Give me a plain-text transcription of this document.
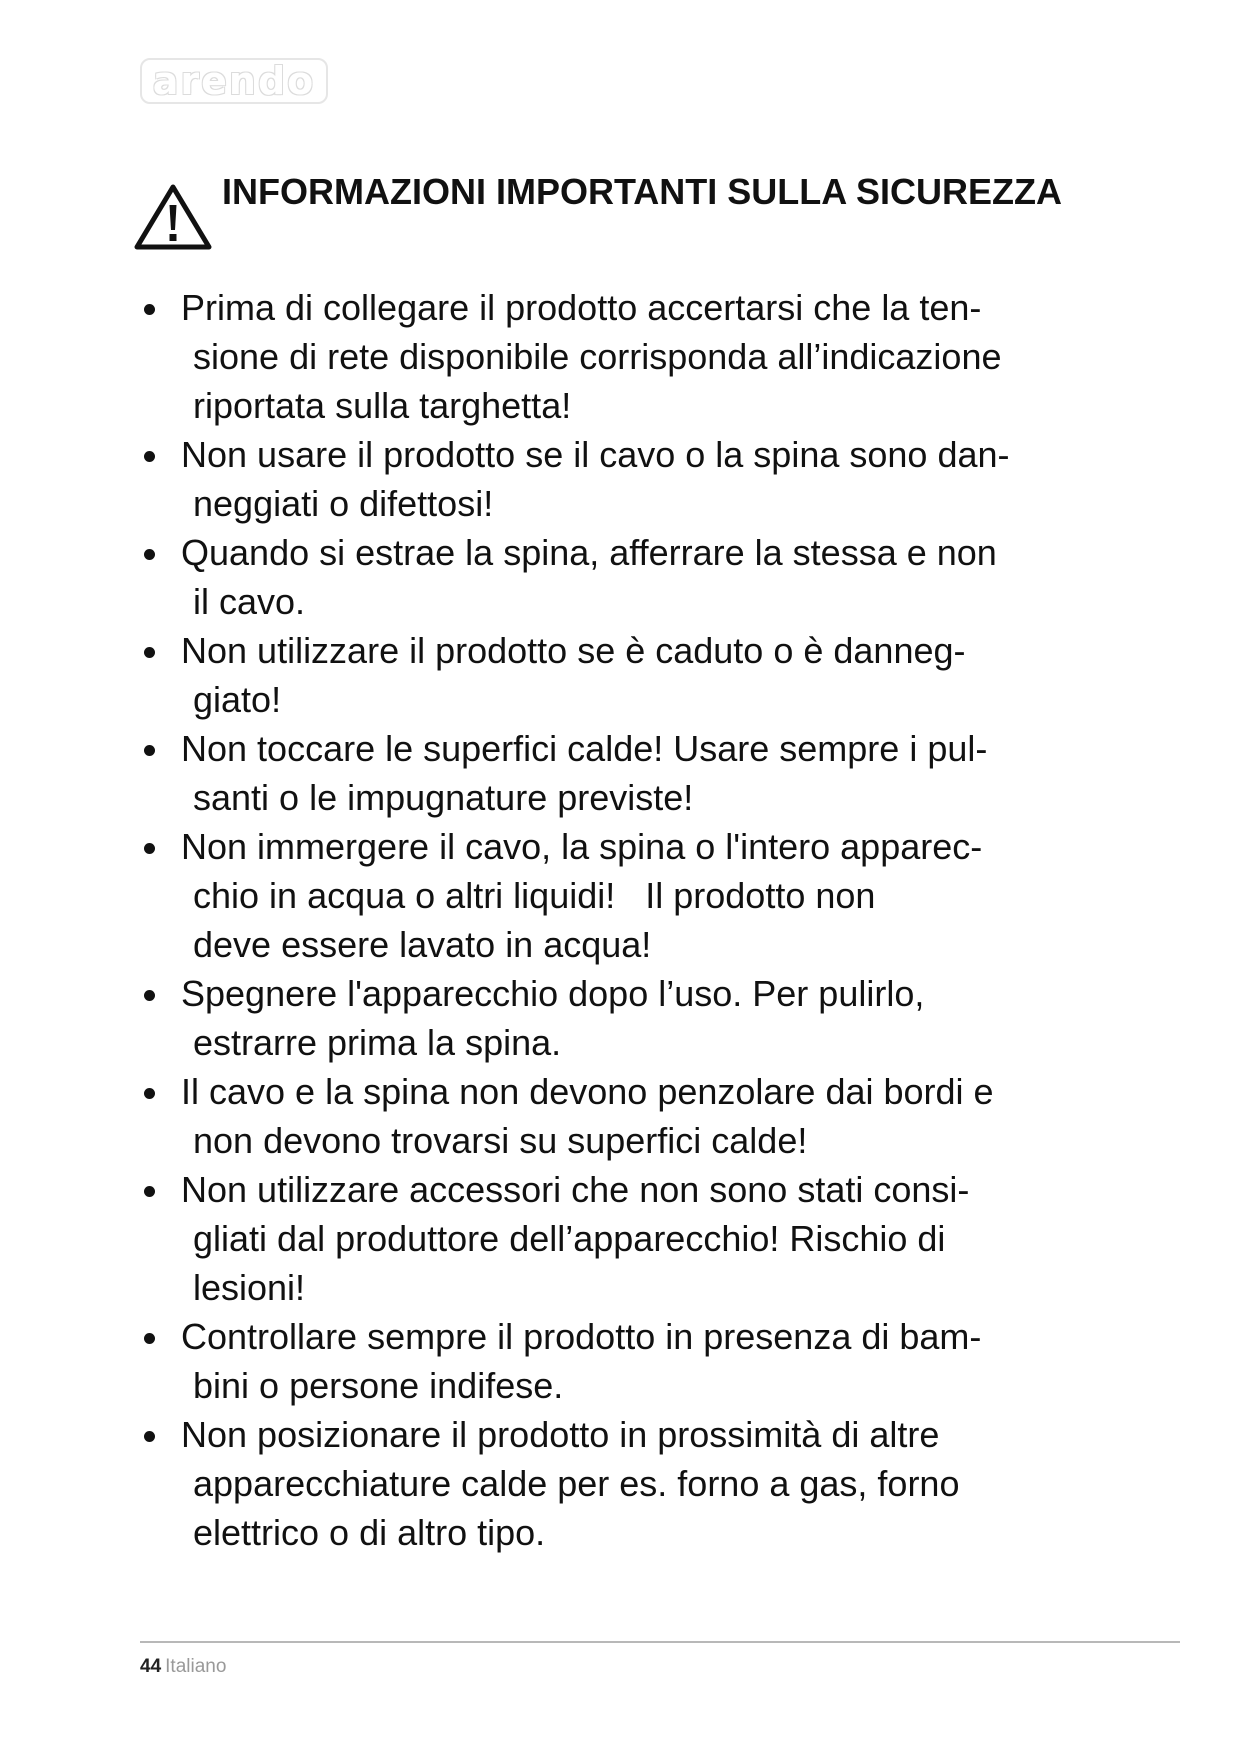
arendo
INFORMAZIONI IMPORTANTI SULLA SICUREZZA
Prima di collegare il prodotto accertarsi che la ten-
sione di rete disponibile corrisponda all’indicazione
riportata sulla targhetta!
Non usare il prodotto se il cavo o la spina sono dan-
neggiati o difettosi!
Quando si estrae la spina, afferrare la stessa e non
il cavo.
Non utilizzare il prodotto se è caduto o è danneg-
giato!
Non toccare le superfici calde! Usare sempre i pul-
santi o le impugnature previste!
Non immergere il cavo, la spina o l'intero apparec-
chio in acqua o altri liquidi!   Il prodotto non
deve essere lavato in acqua!
Spegnere l'apparecchio dopo l’uso. Per pulirlo,
estrarre prima la spina.
Il cavo e la spina non devono penzolare dai bordi e
non devono trovarsi su superfici calde!
Non utilizzare accessori che non sono stati consi-
gliati dal produttore dell’apparecchio! Rischio di
lesioni!
Controllare sempre il prodotto in presenza di bam-
bini o persone indifese.
Non posizionare il prodotto in prossimità di altre
apparecchiature calde per es. forno a gas, forno
elettrico o di altro tipo.
44 Italiano
